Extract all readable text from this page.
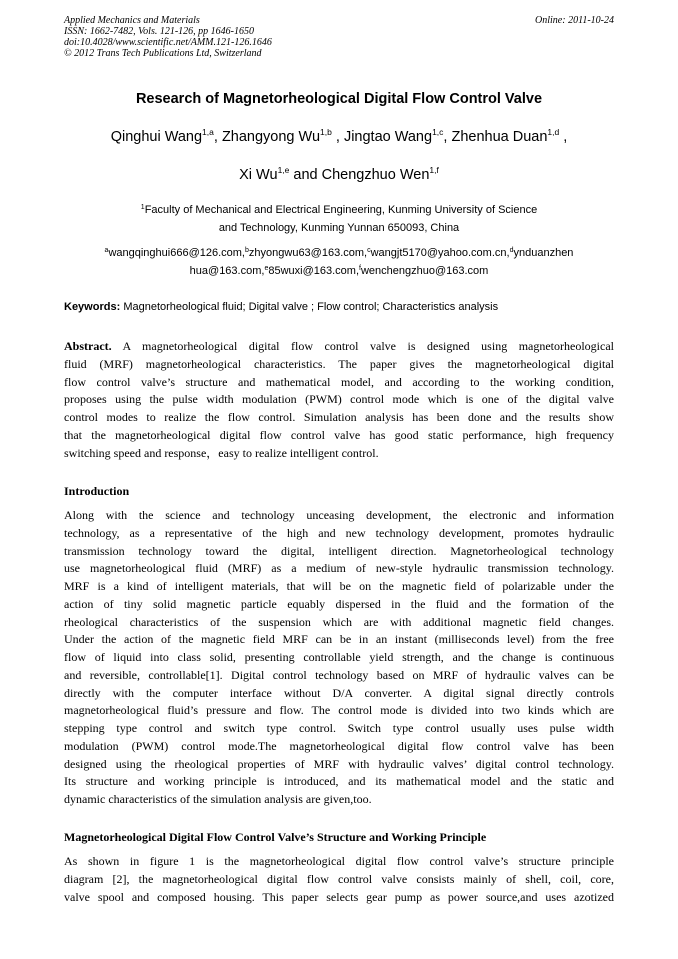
Applied Mechanics and Materials
ISSN: 1662-7482, Vols. 121-126, pp 1646-1650
doi:10.4028/www.scientific.net/AMM.121-126.1646
© 2012 Trans Tech Publications Ltd, Switzerland
Online: 2011-10-24
Research of Magnetorheological Digital Flow Control Valve
Qinghui Wang$^{1,a}$, Zhangyong Wu$^{1,b}$ , Jingtao Wang$^{1,c}$, Zhenhua Duan$^{1,d}$ ,
Xi Wu$^{1,e}$ and Chengzhuo Wen$^{1,f}$
$^1$Faculty of Mechanical and Electrical Engineering, Kunming University of Science
and Technology, Kunming Yunnan 650093, China
$^a$wangqinghui666@126.com,$^b$zhyongwu63@163.com,$^c$wangjt5170@yahoo.com.cn,$^d$ynduanzhen
hua@163.com,$^e$85wuxi@163.com,$^f$wenchengzhuo@163.com
Keywords: Magnetorheological fluid; Digital valve ; Flow control; Characteristics analysis
Abstract. A magnetorheological digital flow control valve is designed using magnetorheological
fluid (MRF) magnetorheological characteristics. The paper gives the magnetorheological digital
flow control valve’s structure and mathematical model, and according to the working condition,
proposes using the pulse width modulation (PWM) control mode which is one of the digital valve
control modes to realize the flow control. Simulation analysis has been done and the results show
that the magnetorheological digital flow control valve has good static performance, high frequency
switching speed and response，easy to realize intelligent control.
Introduction
Along with the science and technology unceasing development, the electronic and information
technology, as a representative of the high and new technology development, promotes hydraulic
transmission technology toward the digital, intelligent direction. Magnetorheological technology
use magnetorheological fluid (MRF) as a medium of new-style hydraulic transmission technology.
MRF is a kind of intelligent materials, that will be on the magnetic field of polarizable under the
action of tiny solid magnetic particle equably dispersed in the fluid and the formation of the
rheological characteristics of the suspension which are with additional magnetic field changes.
Under the action of the magnetic field MRF can be in an instant (milliseconds level) from the free
flow of liquid into class solid, presenting controllable yield strength, and the change is continuous
and reversible, controllable[1]. Digital control technology based on MRF of hydraulic valves can be
directly with the computer interface without D/A converter. A digital signal directly controls
magnetorheological fluid’s pressure and flow. The control mode is divided into two kinds which are
stepping type control and switch type control. Switch type control usually uses pulse width
modulation (PWM) control mode.The magnetorheological digital flow control valve has been
designed using the rheological properties of MRF with hydraulic valves’ digital control technology.
Its structure and working principle is introduced, and its mathematical model and the static and
dynamic characteristics of the simulation analysis are given,too.
Magnetorheological Digital Flow Control Valve’s Structure and Working Principle
As shown in figure 1 is the magnetorheological digital flow control valve’s structure principle
diagram [2], the magnetorheological digital flow control valve consists mainly of shell, coil, core,
valve spool and composed housing. This paper selects gear pump as power source,and uses azotized
